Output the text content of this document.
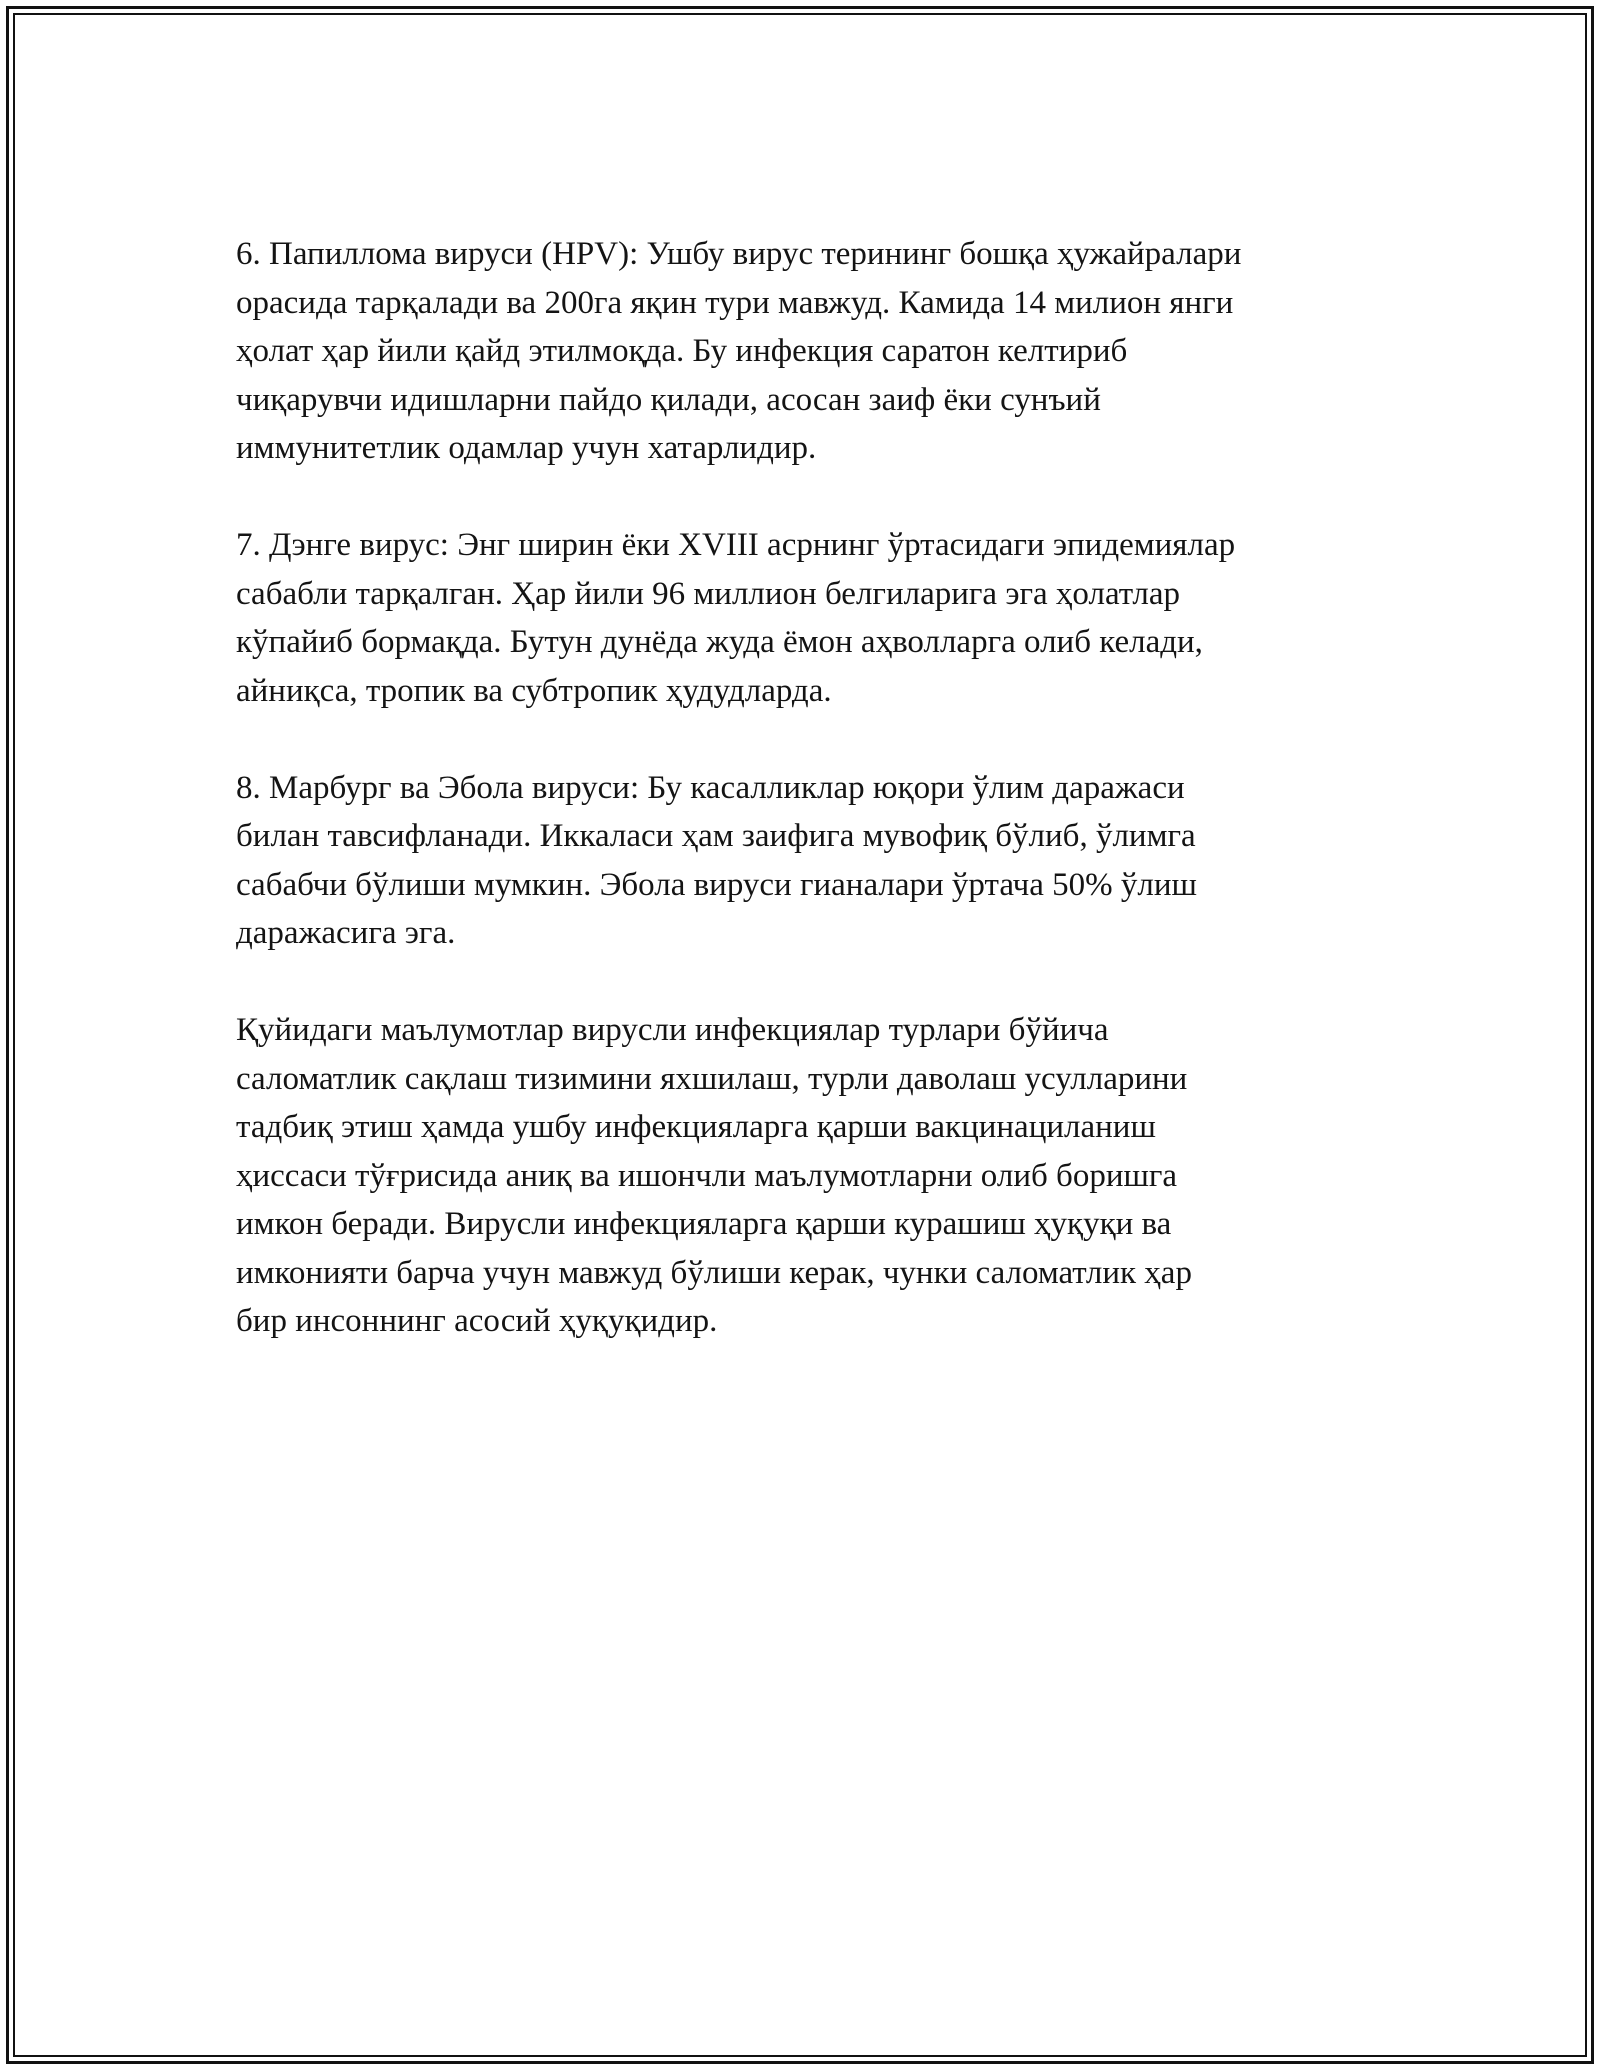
6. Папиллома вируси (HPV): Ушбу вирус терининг бошқа ҳужайралари
орасида тарқалади ва 200га яқин тури мавжуд. Камида 14 милион янги
ҳолат ҳар йили қайд этилмоқда. Бу инфекция саратон келтириб
чиқарувчи идишларни пайдо қилади, асосан заиф ёки сунъий
иммунитетлик одамлар учун хатарлидир.

7. Дэнге вирус: Энг ширин ёки XVIII асрнинг ўртасидаги эпидемиялар
сабабли тарқалган. Ҳар йили 96 миллион белгиларига эга ҳолатлар
кўпайиб бормақда. Бутун дунёда жуда ёмон аҳволларга олиб келади,
айниқса, тропик ва субтропик ҳудудларда.

8. Марбург ва Эбола вируси: Бу касалликлар юқори ўлим даражаси
билан тавсифланади. Иккаласи ҳам заифига мувофиқ бўлиб, ўлимга
сабабчи бўлиши мумкин. Эбола вируси гианалари ўртача 50% ўлиш
даражасига эга.

Қуйидаги маълумотлар вирусли инфекциялар турлари бўйича
саломатлик сақлаш тизимини яхшилаш, турли даволаш усулларини
тадбиқ этиш ҳамда ушбу инфекцияларга қарши вакцинациланиш
ҳиссаси тўғрисида аниқ ва ишончли маълумотларни олиб боришга
имкон беради. Вирусли инфекцияларга қарши курашиш ҳуқуқи ва
имконияти барча учун мавжуд бўлиши керак, чунки саломатлик ҳар
бир инсоннинг асосий ҳуқуқидир.
